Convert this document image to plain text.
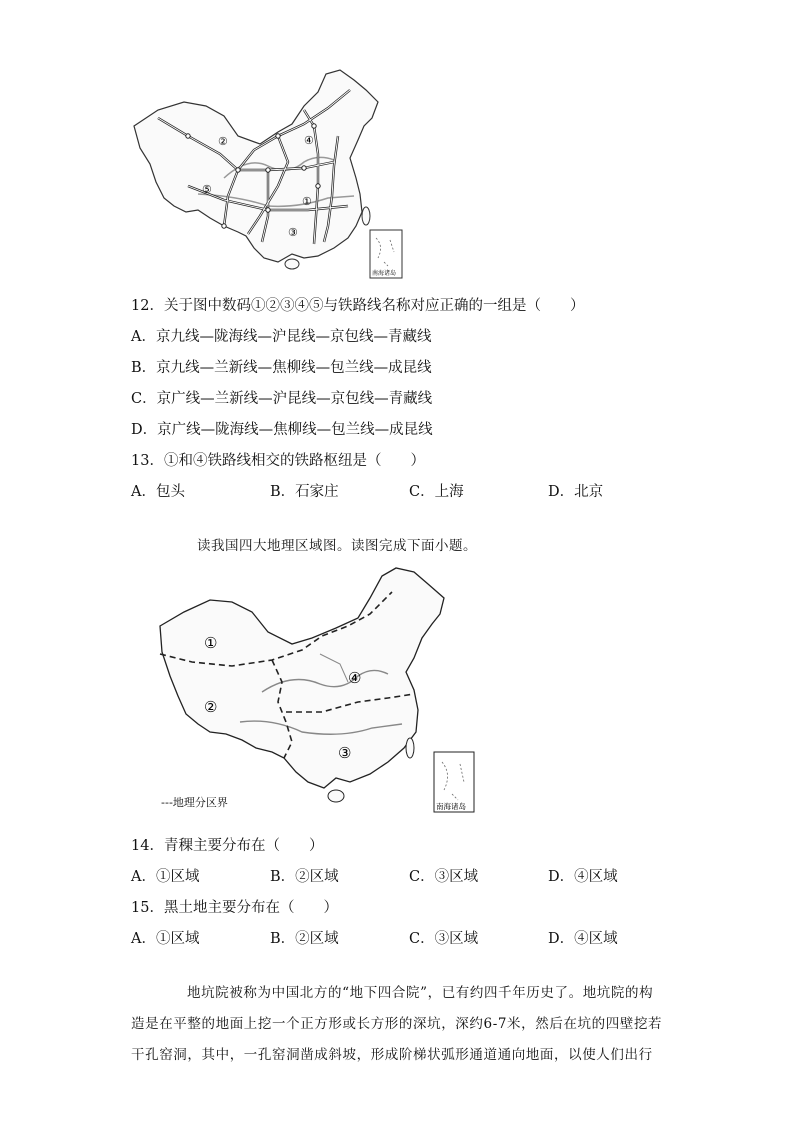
②	④
⑤
①
③
南海诸岛
12．关于图中数码①②③④⑤与铁路线名称对应正确的一组是（　　）
A．京九线—陇海线—沪昆线—京包线—青藏线
B．京九线—兰新线—焦柳线—包兰线—成昆线
C．京广线—兰新线—沪昆线—京包线—青藏线
D．京广线—陇海线—焦柳线—包兰线—成昆线
13．①和④铁路线相交的铁路枢纽是（　　）
A．包头	B．石家庄	C．上海	D．北京
读我国四大地理区域图。读图完成下面小题。
①
②
③
④
南海诸岛
---地理分区界
14．青稞主要分布在（　　）
A．①区域	B．②区域	C．③区域	D．④区域
15．黑土地主要分布在（　　）
A．①区域	B．②区域	C．③区域	D．④区域
地坑院被称为中国北方的“地下四合院”，已有约四千年历史了。地坑院的构
造是在平整的地面上挖一个正方形或长方形的深坑，深约6-7米，然后在坑的四壁挖若
干孔窑洞，其中，一孔窑洞凿成斜坡，形成阶梯状弧形通道通向地面，以使人们出行
